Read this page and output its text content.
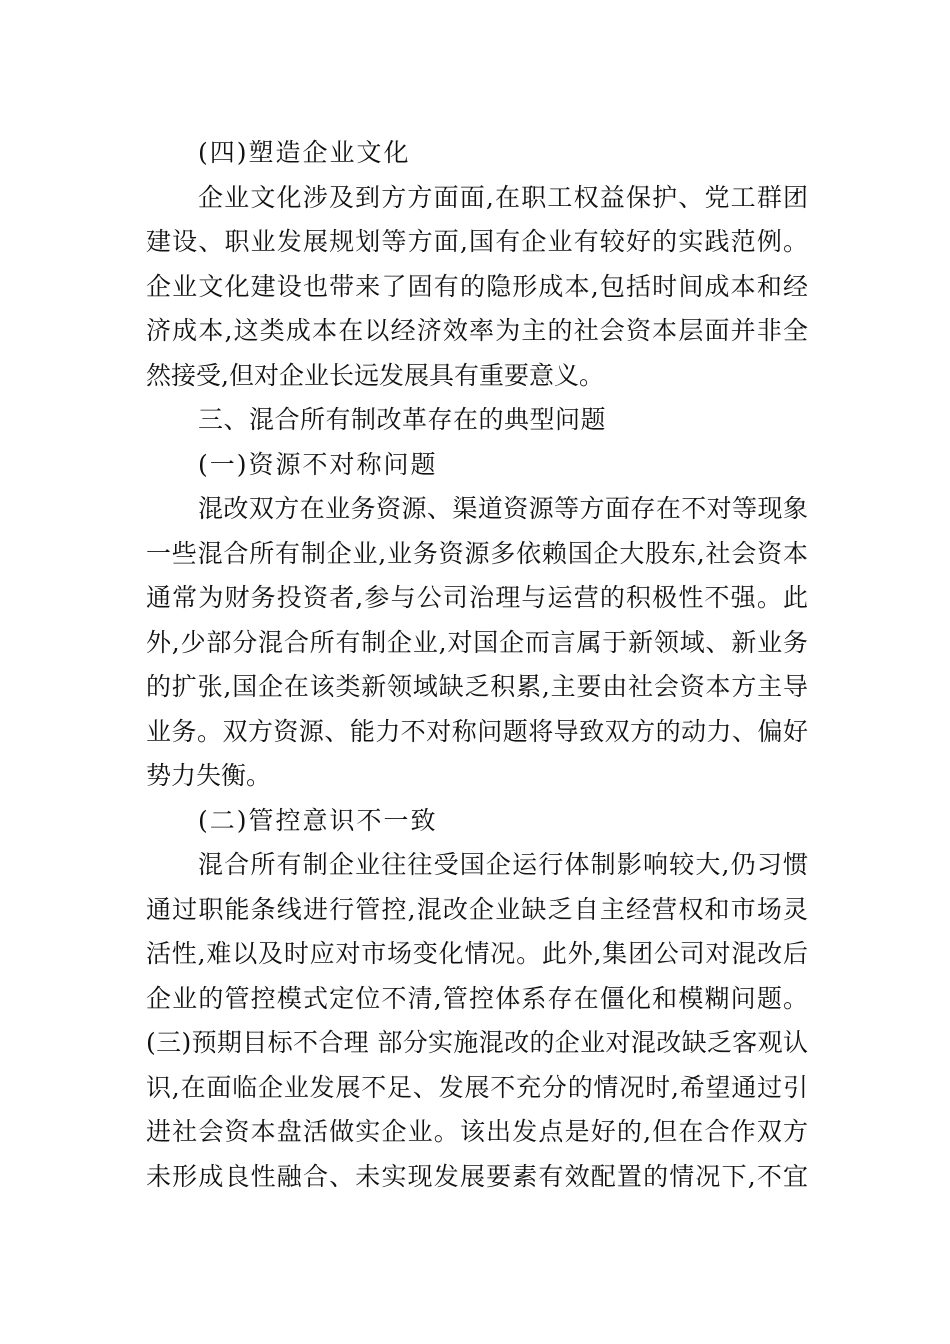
(四)塑造企业文化
企业文化涉及到方方面面,在职工权益保护、党工群团
建设、职业发展规划等方面,国有企业有较好的实践范例。
企业文化建设也带来了固有的隐形成本,包括时间成本和经
济成本,这类成本在以经济效率为主的社会资本层面并非全
然接受,但对企业长远发展具有重要意义。
三、混合所有制改革存在的典型问题
(一)资源不对称问题
混改双方在业务资源、渠道资源等方面存在不对等现象
一些混合所有制企业,业务资源多依赖国企大股东,社会资本
通常为财务投资者,参与公司治理与运营的积极性不强。此
外,少部分混合所有制企业,对国企而言属于新领域、新业务
的扩张,国企在该类新领域缺乏积累,主要由社会资本方主导
业务。双方资源、能力不对称问题将导致双方的动力、偏好
势力失衡。
(二)管控意识不一致
混合所有制企业往往受国企运行体制影响较大,仍习惯
通过职能条线进行管控,混改企业缺乏自主经营权和市场灵
活性,难以及时应对市场变化情况。此外,集团公司对混改后
企业的管控模式定位不清,管控体系存在僵化和模糊问题。
(三)预期目标不合理 部分实施混改的企业对混改缺乏客观认
识,在面临企业发展不足、发展不充分的情况时,希望通过引
进社会资本盘活做实企业。该出发点是好的,但在合作双方
未形成良性融合、未实现发展要素有效配置的情况下,不宜
